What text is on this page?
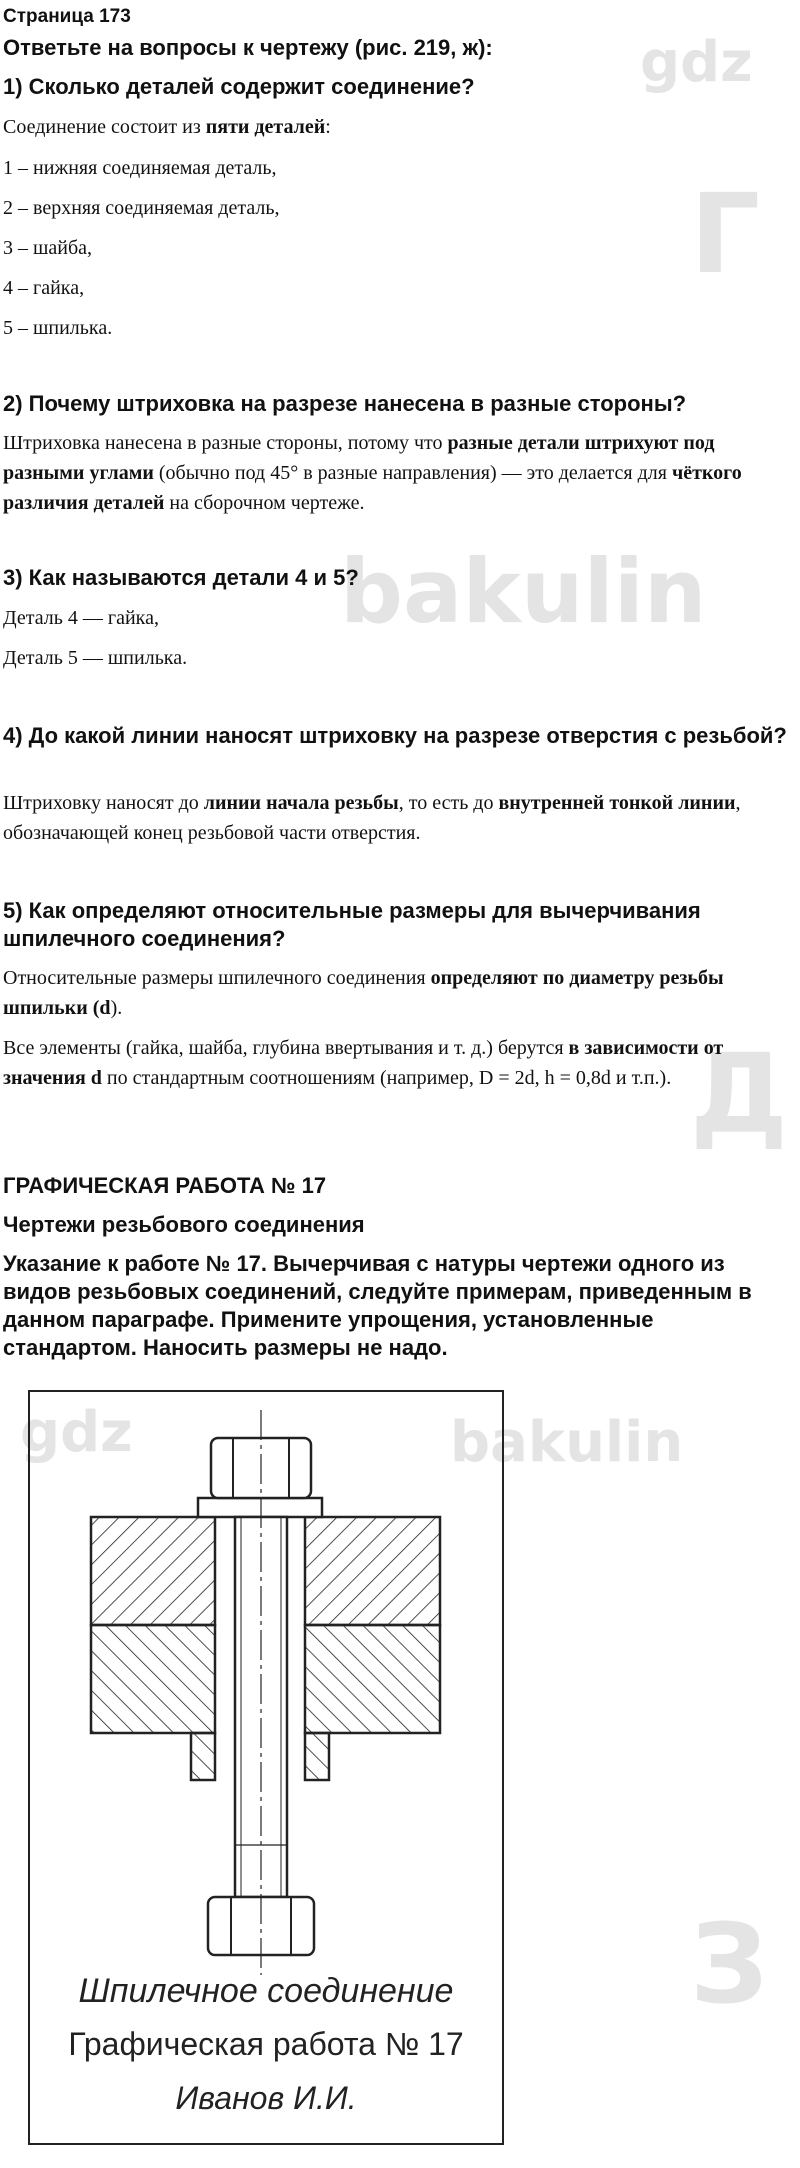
gdz
bakulin
bakulin
gdz
Г
Д
З
Страница 173
Ответьте на вопросы к чертежу (рис. 219, ж):
1) Сколько деталей содержит соединение?
Соединение состоит из пяти деталей:
1 – нижняя соединяемая деталь,
2 – верхняя соединяемая деталь,
3 – шайба,
4 – гайка,
5 – шпилька.
2) Почему штриховка на разрезе нанесена в разные стороны?
Штриховка нанесена в разные стороны, потому что разные детали штрихуют под разными углами (обычно под 45° в разные направления) — это делается для чёткого различия деталей на сборочном чертеже.
3) Как называются детали 4 и 5?
Деталь 4 — гайка,
Деталь 5 — шпилька.
4) До какой линии наносят штриховку на разрезе отверстия с резьбой?
Штриховку наносят до линии начала резьбы, то есть до внутренней тонкой линии, обозначающей конец резьбовой части отверстия.
5) Как определяют относительные размеры для вычерчивания шпилечного соединения?
Относительные размеры шпилечного соединения определяют по диаметру резьбы шпильки (d).
Все элементы (гайка, шайба, глубина ввертывания и т. д.) берутся в зависимости от значения d по стандартным соотношениям (например, D = 2d, h = 0,8d и т.п.).
ГРАФИЧЕСКАЯ РАБОТА № 17
Чертежи резьбового соединения
Указание к работе № 17. Вычерчивая с натуры чертежи одного из видов резьбовых соединений, следуйте примерам, приведенным в данном параграфе. Примените упрощения, установленные стандартом. Наносить размеры не надо.
Шпилечное соединение
Графическая работа № 17
Иванов И.И.
